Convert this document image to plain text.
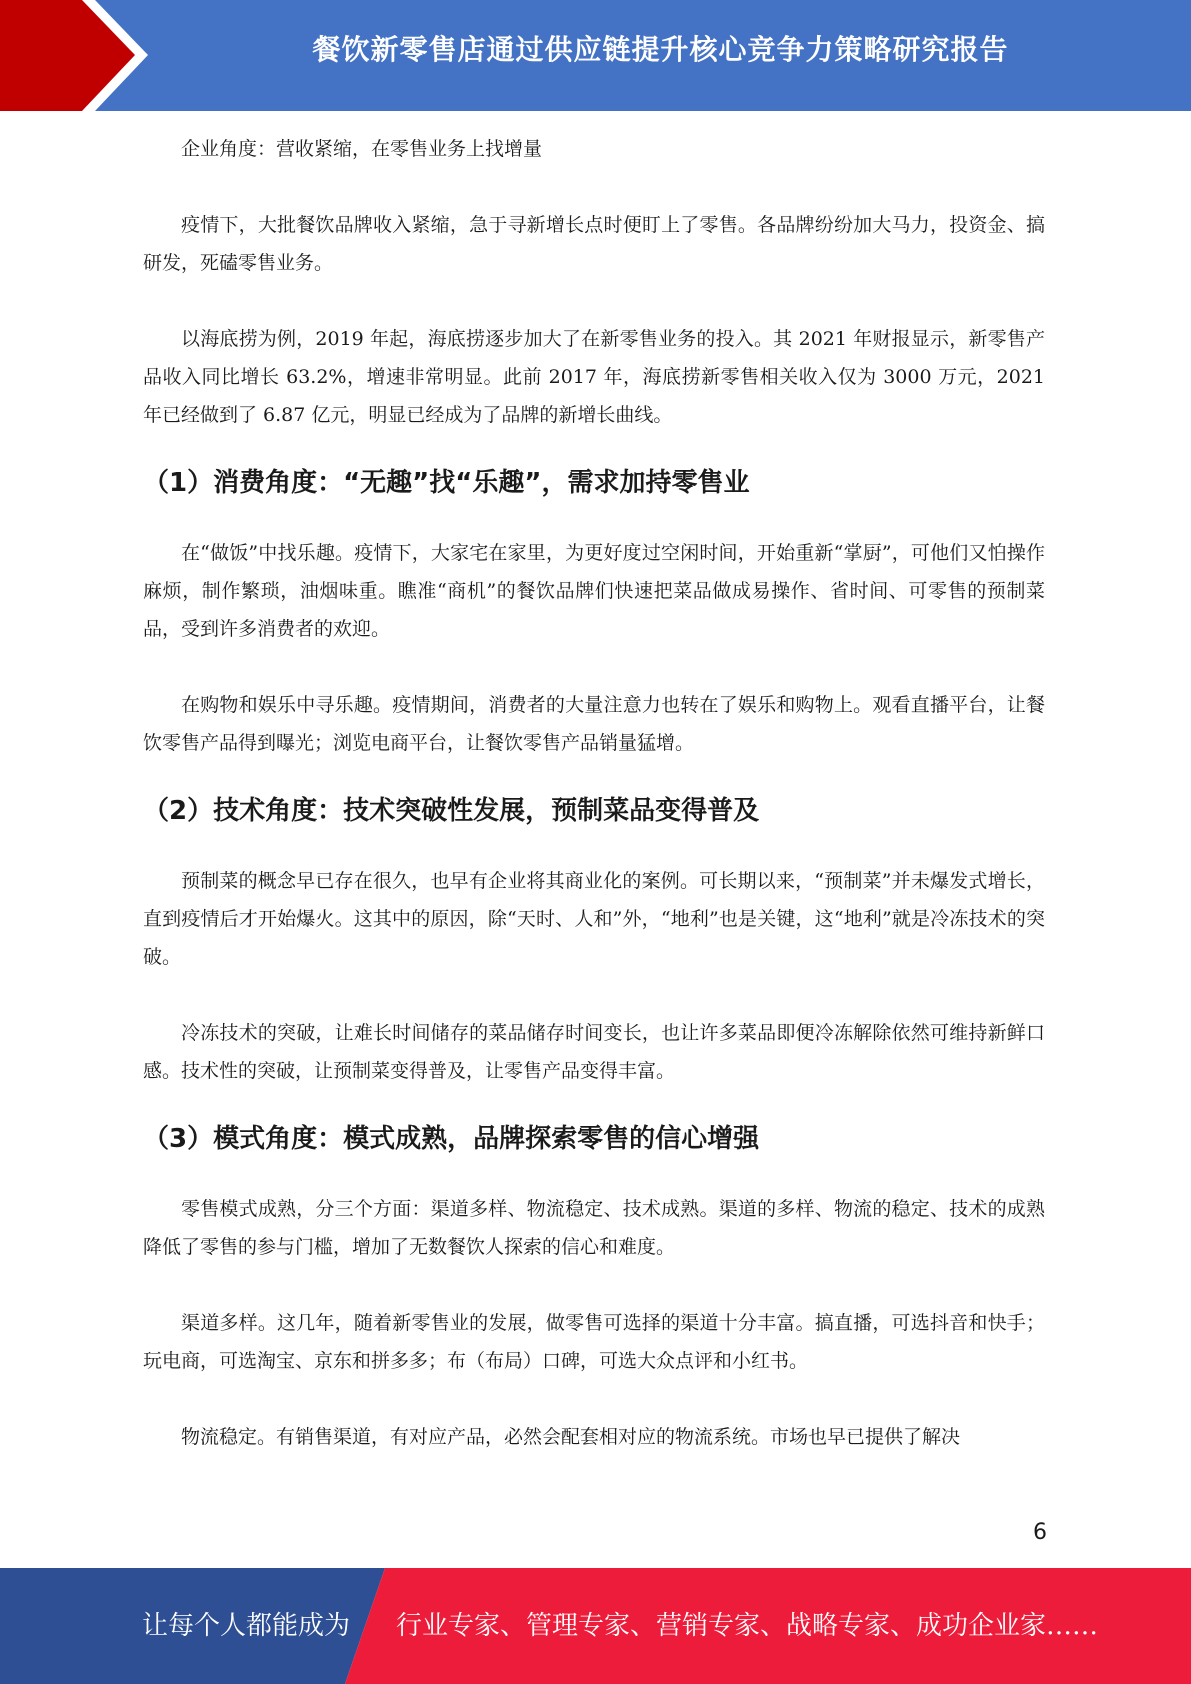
餐饮新零售店通过供应链提升核心竞争力策略研究报告

企业角度：营收紧缩，在零售业务上找增量

疫情下，大批餐饮品牌收入紧缩，急于寻新增长点时便盯上了零售。各品牌纷纷加大马力，投资金、搞研发，死磕零售业务。

以海底捞为例，2019 年起，海底捞逐步加大了在新零售业务的投入。其 2021 年财报显示，新零售产品收入同比增长 63.2%，增速非常明显。此前 2017 年，海底捞新零售相关收入仅为 3000 万元，2021 年已经做到了 6.87 亿元，明显已经成为了品牌的新增长曲线。

（1）消费角度：“无趣”找“乐趣”，需求加持零售业

在“做饭”中找乐趣。疫情下，大家宅在家里，为更好度过空闲时间，开始重新“掌厨”，可他们又怕操作麻烦，制作繁琐，油烟味重。瞧准“商机”的餐饮品牌们快速把菜品做成易操作、省时间、可零售的预制菜品，受到许多消费者的欢迎。

在购物和娱乐中寻乐趣。疫情期间，消费者的大量注意力也转在了娱乐和购物上。观看直播平台，让餐饮零售产品得到曝光；浏览电商平台，让餐饮零售产品销量猛增。

（2）技术角度：技术突破性发展，预制菜品变得普及

预制菜的概念早已存在很久，也早有企业将其商业化的案例。可长期以来，“预制菜”并未爆发式增长，直到疫情后才开始爆火。这其中的原因，除“天时、人和”外，“地利”也是关键，这“地利”就是冷冻技术的突破。

冷冻技术的突破，让难长时间储存的菜品储存时间变长，也让许多菜品即便冷冻解除依然可维持新鲜口感。技术性的突破，让预制菜变得普及，让零售产品变得丰富。

（3）模式角度：模式成熟，品牌探索零售的信心增强

零售模式成熟，分三个方面：渠道多样、物流稳定、技术成熟。渠道的多样、物流的稳定、技术的成熟降低了零售的参与门槛，增加了无数餐饮人探索的信心和难度。

渠道多样。这几年，随着新零售业的发展，做零售可选择的渠道十分丰富。搞直播，可选抖音和快手；玩电商，可选淘宝、京东和拼多多；布（布局）口碑，可选大众点评和小红书。

物流稳定。有销售渠道，有对应产品，必然会配套相对应的物流系统。市场也早已提供了解决

6
让每个人都能成为 行业专家、管理专家、营销专家、战略专家、成功企业家……
